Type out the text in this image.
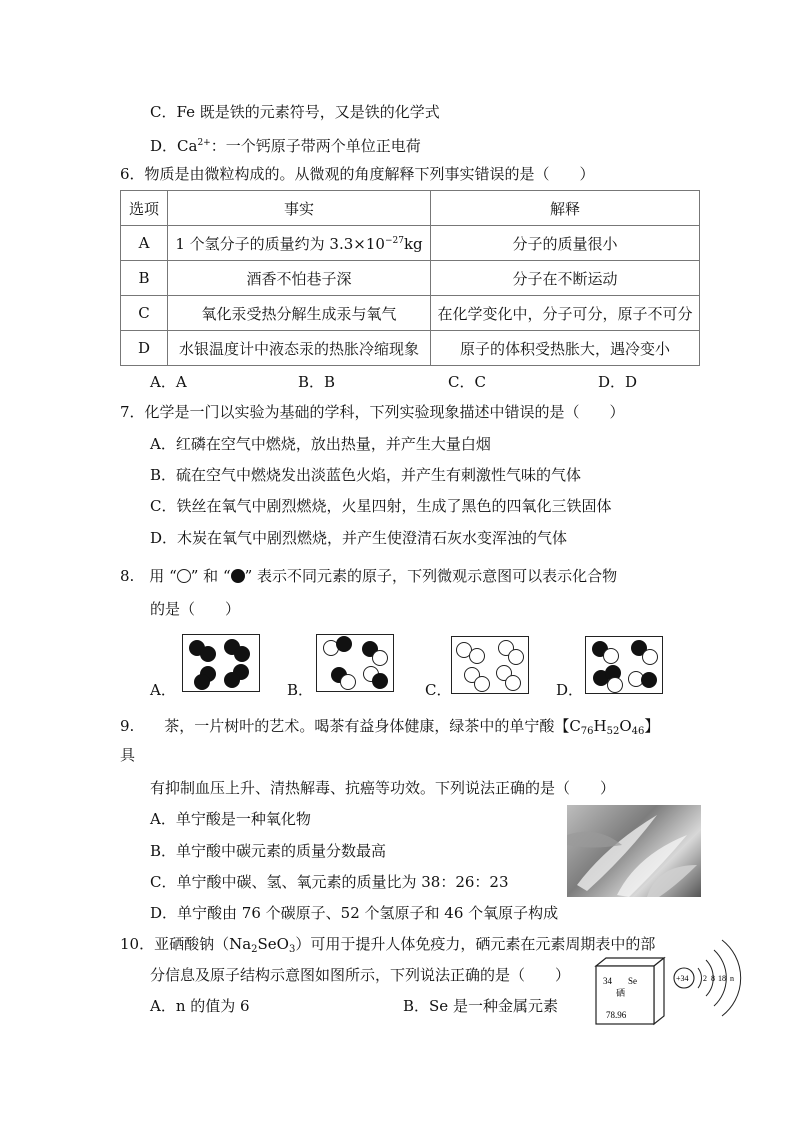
C．Fe 既是铁的元素符号，又是铁的化学式
D．$Ca^{2+}$：一个钙原子带两个单位正电荷
6．物质是由微粒构成的。从微观的角度解释下列事实错误的是（　　）
选项	事实	解释
A	1 个氢分子的质量约为 $3.3\times 10^{-27}kg$	分子的质量很小
B	酒香不怕巷子深	分子在不断运动
C	氧化汞受热分解生成汞与氧气	在化学变化中，分子可分，原子不可分
D	水银温度计中液态汞的热胀冷缩现象	原子的体积受热胀大，遇冷变小
A．A	B．B	C．C	D．D
7．化学是一门以实验为基础的学科，下列实验现象描述中错误的是（　　）
A．红磷在空气中燃烧，放出热量，并产生大量白烟
B．硫在空气中燃烧发出淡蓝色火焰，并产生有刺激性气味的气体
C．铁丝在氧气中剧烈燃烧，火星四射，生成了黑色的四氧化三铁固体
D．木炭在氧气中剧烈燃烧，并产生使澄清石灰水变浑浊的气体
8.　用 “ ” 和 “ ” 表示不同元素的原子，下列微观示意图可以表示化合物
的是（　　）
A．	B．	C．	D．
9.　　茶，一片树叶的艺术。喝茶有益身体健康，绿茶中的单宁酸【$C_{76}H_{52}O_{46}$】
具
有抑制血压上升、清热解毒、抗癌等功效。下列说法正确的是（　　）
A．单宁酸是一种氧化物
B．单宁酸中碳元素的质量分数最高
C．单宁酸中碳、氢、氧元素的质量比为 38：26：23
D．单宁酸由 76 个碳原子、52 个氢原子和 46 个氧原子构成
10．亚硒酸钠$(Na_2SeO_3)$可用于提升人体免疫力，硒元素在元素周期表中的部
分信息及原子结构示意图如图所示，下列说法正确的是（　　）
A．n 的值为 6	B．Se 是一种金属元素
34 Se
硒
78.96
+34 2 8 18 n
